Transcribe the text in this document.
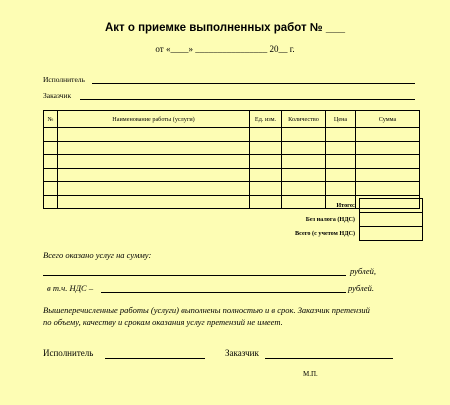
Акт о приемке выполненных работ № ___
от «____» ________________ 20__ г.
Исполнитель
Заказчик
№	Наименование работы (услуги)	Ед. изм.	Количество	Цена	Сумма

Итого:	
Без налога (НДС)	
Всего (с учетом НДС)	
Всего оказано услуг на сумму:
рублей,
в т.ч. НДС –	рублей.
Вышеперечисленные работы (услуги) выполнены полностью и в срок. Заказчик претензий
по объему, качеству и срокам оказания услуг претензий не имеет.
Исполнитель	Заказчик
М.П.
